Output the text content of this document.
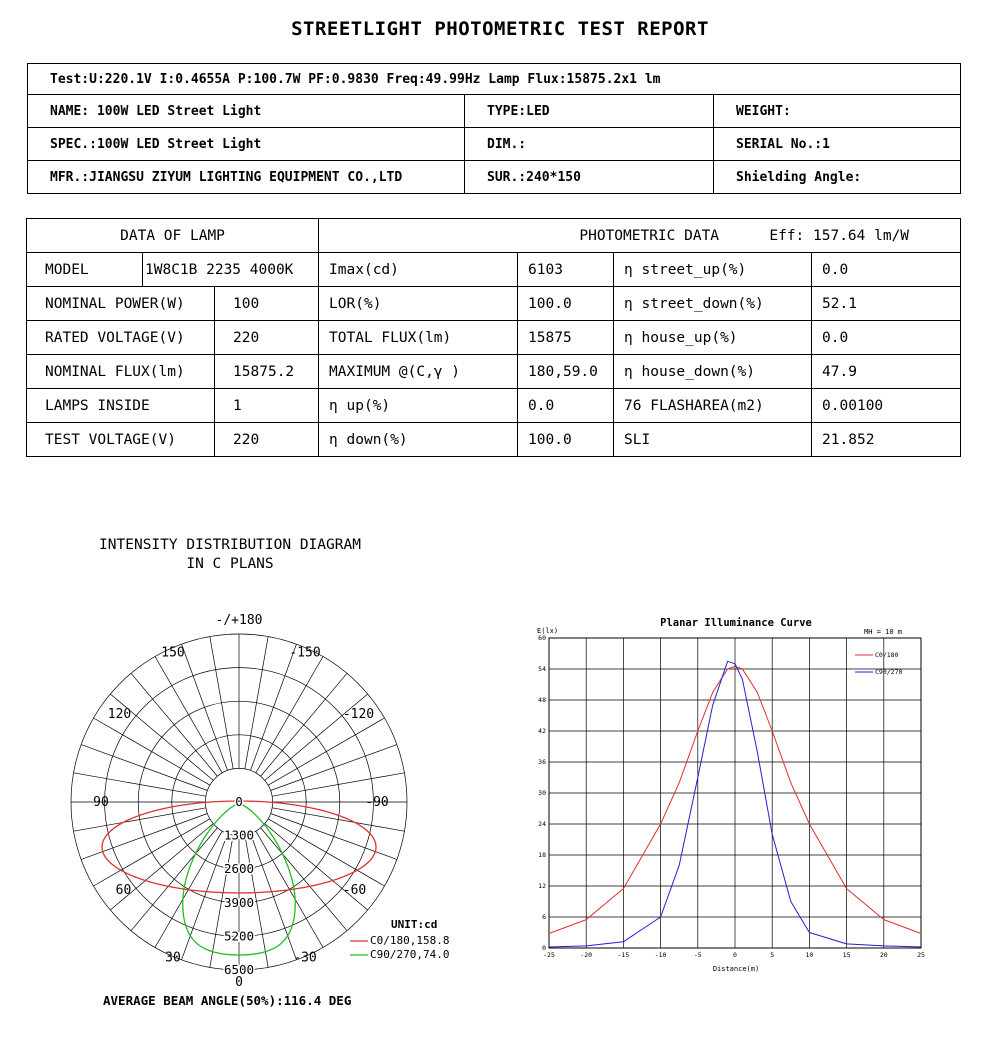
STREETLIGHT PHOTOMETRIC TEST REPORT
Test:U:220.1V I:0.4655A P:100.7W PF:0.9830 Freq:49.99Hz Lamp Flux:15875.2x1 lm		
NAME: 100W LED Street Light	TYPE:LED	WEIGHT:
SPEC.:100W LED Street Light	DIM.:	SERIAL No.:1
MFR.:JIANGSU ZIYUM LIGHTING EQUIPMENT CO.,LTD	SUR.:240*150	Shielding Angle:
DATA OF LAMP			PHOTOMETRIC DATA Eff: 157.64 lm/W			
MODEL	1W8C1B 2235 4000K		Imax(cd)	6103	η street_up(%)	0.0
NOMINAL POWER(W)		100	LOR(%)	100.0	η street_down(%)	52.1
RATED VOLTAGE(V)		220	TOTAL FLUX(lm)	15875	η house_up(%)	0.0
NOMINAL FLUX(lm)		15875.2	MAXIMUM @(C,γ )	180,59.0	η house_down(%)	47.9
LAMPS INSIDE		1	η up(%)	0.0	76 FLASHAREA(m2)	0.00100
TEST VOLTAGE(V)		220	η down(%)	100.0	SLI	21.852
INTENSITY DISTRIBUTION DIAGRAM
IN C PLANS
-/+180
-150
150
-120
120
-90
90
-60
60
-30
30
0
0
1300
2600
3900
5200
6500
UNIT:cd
C0/180,158.8
C90/270,74.0
AVERAGE BEAM ANGLE(50%):116.4 DEG
Planar Illuminance Curve
MH = 10 m
E(lx)
Distance(m)
-25	-20	-15	-10	-5	0	5	10	15	20	25
0
6
12
18
24
30
36
42
48
54
60
C0/180
C90/270
